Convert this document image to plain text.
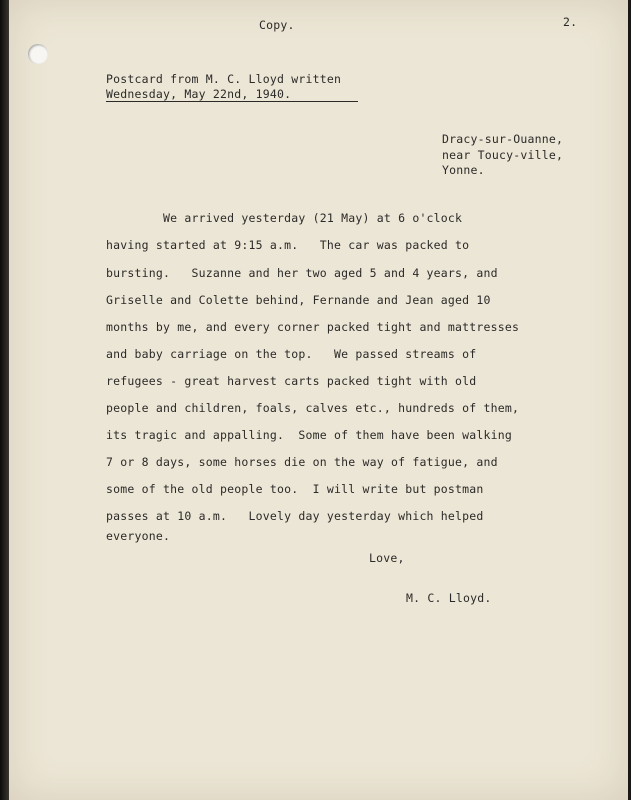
Copy.	2.
Postcard from M. C. Lloyd written
Wednesday, May 22nd, 1940.
Dracy-sur-Ouanne,
near Toucy-ville,
Yonne.
We arrived yesterday (21 May) at 6 o'clock
having started at 9:15 a.m.   The car was packed to
bursting.   Suzanne and her two aged 5 and 4 years, and
Griselle and Colette behind, Fernande and Jean aged 10
months by me, and every corner packed tight and mattresses
and baby carriage on the top.   We passed streams of
refugees - great harvest carts packed tight with old
people and children, foals, calves etc., hundreds of them,
its tragic and appalling.  Some of them have been walking
7 or 8 days, some horses die on the way of fatigue, and
some of the old people too.  I will write but postman
passes at 10 a.m.   Lovely day yesterday which helped
everyone.
Love,
M. C. Lloyd.
